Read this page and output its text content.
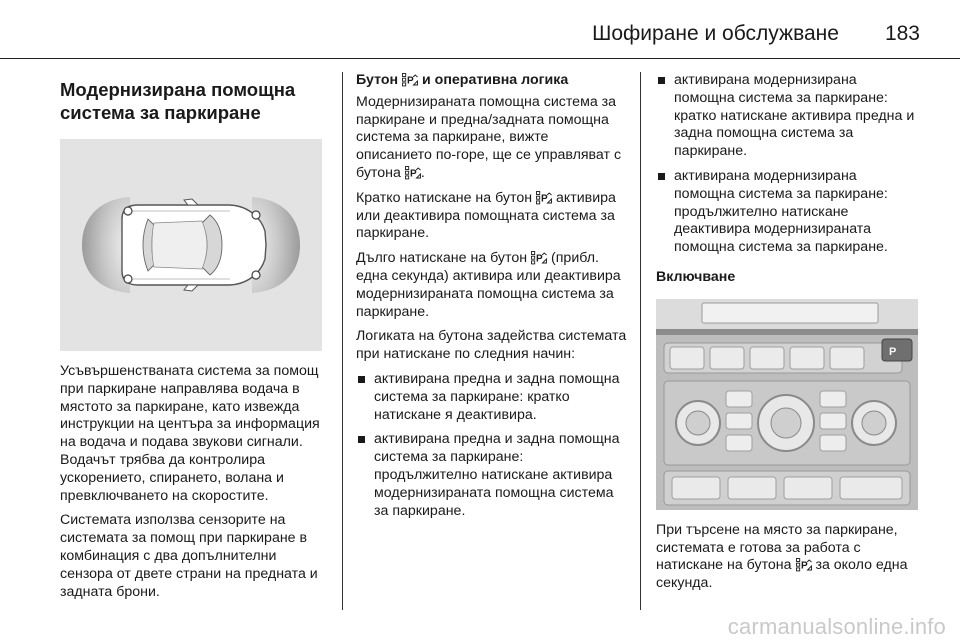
Шофиране и обслужване 183
Модернизирана помощна
система за паркиране

Усъвършенстваната система за помощ при паркиране направлява водача в мястото за паркиране, като извежда инструкции на центъра за информация на водача и подава звукови сигнали. Водачът трябва да контролира ускорението, спирането, волана и превключването на скоростите.

Системата използва сензорите на системата за помощ при паркиране в комбинация с два допълнителни сензора от двете страни на предната и задната брони.

Бутон и оперативна логика

Модернизираната помощна система за паркиране и предна/задната помощна система за паркиране, вижте описанието по-горе, ще се управляват с бутона .

Кратко натискане на бутон активира или деактивира помощната система за паркиране.

Дълго натискане на бутон (прибл. една секунда) активира или деактивира модернизираната помощна система за паркиране.

Логиката на бутона задейства системата при натискане по следния начин:

активирана предна и задна помощна система за паркиране: кратко натискане я деактивира.
активирана предна и задна помощна система за паркиране: продължително натискане активира модернизираната помощна система за паркиране.
активирана модернизирана помощна система за паркиране: кратко натискане активира предна и задна помощна система за паркиране.
активирана модернизирана помощна система за паркиране: продължително натискане деактивира модернизираната помощна система за паркиране.
Включване
P

При търсене на място за паркиране, системата е готова за работа с натискане на бутона за около една секунда.

carmanualsonline.info
